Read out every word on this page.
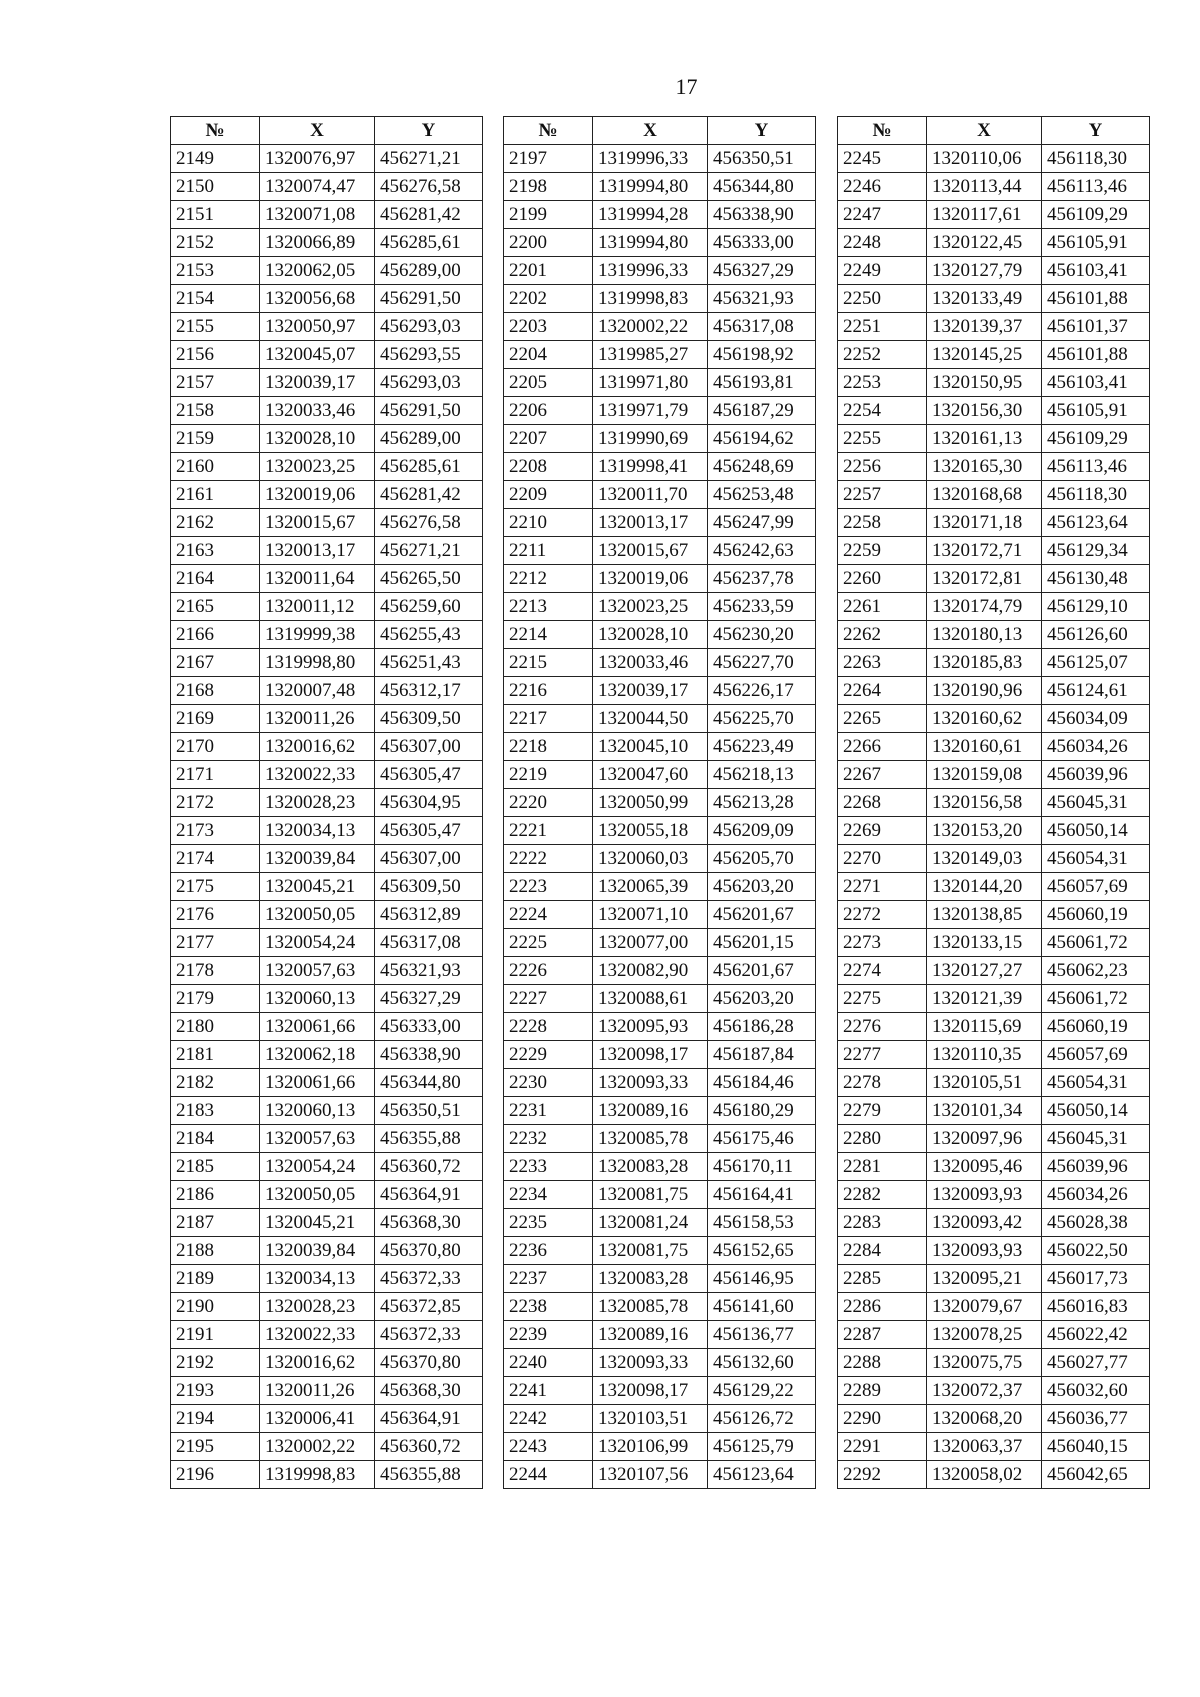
17
№	X	Y
2149	1320076,97	456271,21
2150	1320074,47	456276,58
2151	1320071,08	456281,42
2152	1320066,89	456285,61
2153	1320062,05	456289,00
2154	1320056,68	456291,50
2155	1320050,97	456293,03
2156	1320045,07	456293,55
2157	1320039,17	456293,03
2158	1320033,46	456291,50
2159	1320028,10	456289,00
2160	1320023,25	456285,61
2161	1320019,06	456281,42
2162	1320015,67	456276,58
2163	1320013,17	456271,21
2164	1320011,64	456265,50
2165	1320011,12	456259,60
2166	1319999,38	456255,43
2167	1319998,80	456251,43
2168	1320007,48	456312,17
2169	1320011,26	456309,50
2170	1320016,62	456307,00
2171	1320022,33	456305,47
2172	1320028,23	456304,95
2173	1320034,13	456305,47
2174	1320039,84	456307,00
2175	1320045,21	456309,50
2176	1320050,05	456312,89
2177	1320054,24	456317,08
2178	1320057,63	456321,93
2179	1320060,13	456327,29
2180	1320061,66	456333,00
2181	1320062,18	456338,90
2182	1320061,66	456344,80
2183	1320060,13	456350,51
2184	1320057,63	456355,88
2185	1320054,24	456360,72
2186	1320050,05	456364,91
2187	1320045,21	456368,30
2188	1320039,84	456370,80
2189	1320034,13	456372,33
2190	1320028,23	456372,85
2191	1320022,33	456372,33
2192	1320016,62	456370,80
2193	1320011,26	456368,30
2194	1320006,41	456364,91
2195	1320002,22	456360,72
2196	1319998,83	456355,88
№	X	Y
2197	1319996,33	456350,51
2198	1319994,80	456344,80
2199	1319994,28	456338,90
2200	1319994,80	456333,00
2201	1319996,33	456327,29
2202	1319998,83	456321,93
2203	1320002,22	456317,08
2204	1319985,27	456198,92
2205	1319971,80	456193,81
2206	1319971,79	456187,29
2207	1319990,69	456194,62
2208	1319998,41	456248,69
2209	1320011,70	456253,48
2210	1320013,17	456247,99
2211	1320015,67	456242,63
2212	1320019,06	456237,78
2213	1320023,25	456233,59
2214	1320028,10	456230,20
2215	1320033,46	456227,70
2216	1320039,17	456226,17
2217	1320044,50	456225,70
2218	1320045,10	456223,49
2219	1320047,60	456218,13
2220	1320050,99	456213,28
2221	1320055,18	456209,09
2222	1320060,03	456205,70
2223	1320065,39	456203,20
2224	1320071,10	456201,67
2225	1320077,00	456201,15
2226	1320082,90	456201,67
2227	1320088,61	456203,20
2228	1320095,93	456186,28
2229	1320098,17	456187,84
2230	1320093,33	456184,46
2231	1320089,16	456180,29
2232	1320085,78	456175,46
2233	1320083,28	456170,11
2234	1320081,75	456164,41
2235	1320081,24	456158,53
2236	1320081,75	456152,65
2237	1320083,28	456146,95
2238	1320085,78	456141,60
2239	1320089,16	456136,77
2240	1320093,33	456132,60
2241	1320098,17	456129,22
2242	1320103,51	456126,72
2243	1320106,99	456125,79
2244	1320107,56	456123,64
№	X	Y
2245	1320110,06	456118,30
2246	1320113,44	456113,46
2247	1320117,61	456109,29
2248	1320122,45	456105,91
2249	1320127,79	456103,41
2250	1320133,49	456101,88
2251	1320139,37	456101,37
2252	1320145,25	456101,88
2253	1320150,95	456103,41
2254	1320156,30	456105,91
2255	1320161,13	456109,29
2256	1320165,30	456113,46
2257	1320168,68	456118,30
2258	1320171,18	456123,64
2259	1320172,71	456129,34
2260	1320172,81	456130,48
2261	1320174,79	456129,10
2262	1320180,13	456126,60
2263	1320185,83	456125,07
2264	1320190,96	456124,61
2265	1320160,62	456034,09
2266	1320160,61	456034,26
2267	1320159,08	456039,96
2268	1320156,58	456045,31
2269	1320153,20	456050,14
2270	1320149,03	456054,31
2271	1320144,20	456057,69
2272	1320138,85	456060,19
2273	1320133,15	456061,72
2274	1320127,27	456062,23
2275	1320121,39	456061,72
2276	1320115,69	456060,19
2277	1320110,35	456057,69
2278	1320105,51	456054,31
2279	1320101,34	456050,14
2280	1320097,96	456045,31
2281	1320095,46	456039,96
2282	1320093,93	456034,26
2283	1320093,42	456028,38
2284	1320093,93	456022,50
2285	1320095,21	456017,73
2286	1320079,67	456016,83
2287	1320078,25	456022,42
2288	1320075,75	456027,77
2289	1320072,37	456032,60
2290	1320068,20	456036,77
2291	1320063,37	456040,15
2292	1320058,02	456042,65
